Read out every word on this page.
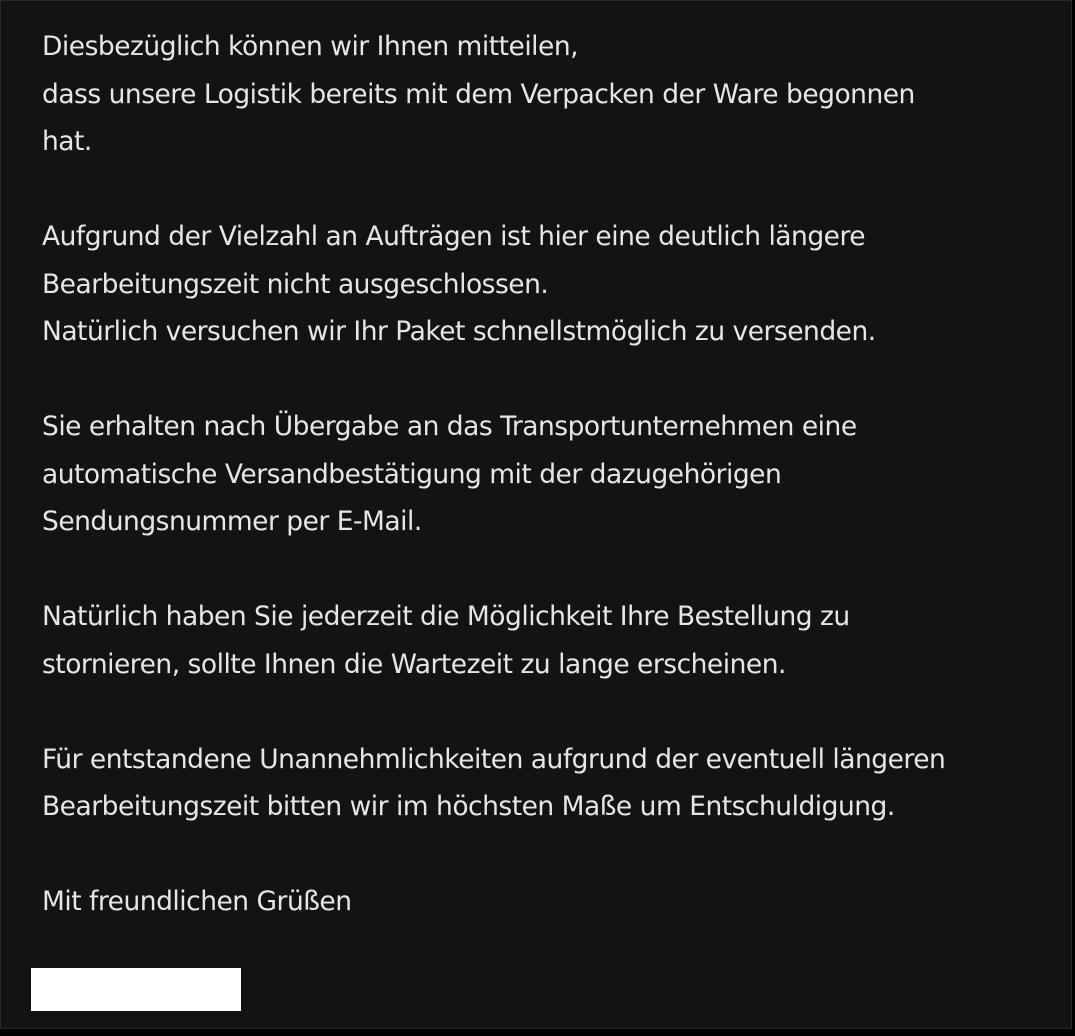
Diesbezüglich können wir Ihnen mitteilen,
dass unsere Logistik bereits mit dem Verpacken der Ware begonnen
hat.

Aufgrund der Vielzahl an Aufträgen ist hier eine deutlich längere
Bearbeitungszeit nicht ausgeschlossen.
Natürlich versuchen wir Ihr Paket schnellstmöglich zu versenden.

Sie erhalten nach Übergabe an das Transportunternehmen eine
automatische Versandbestätigung mit der dazugehörigen
Sendungsnummer per E-Mail.

Natürlich haben Sie jederzeit die Möglichkeit Ihre Bestellung zu
stornieren, sollte Ihnen die Wartezeit zu lange erscheinen.

Für entstandene Unannehmlichkeiten aufgrund der eventuell längeren
Bearbeitungszeit bitten wir im höchsten Maße um Entschuldigung.

Mit freundlichen Grüßen
